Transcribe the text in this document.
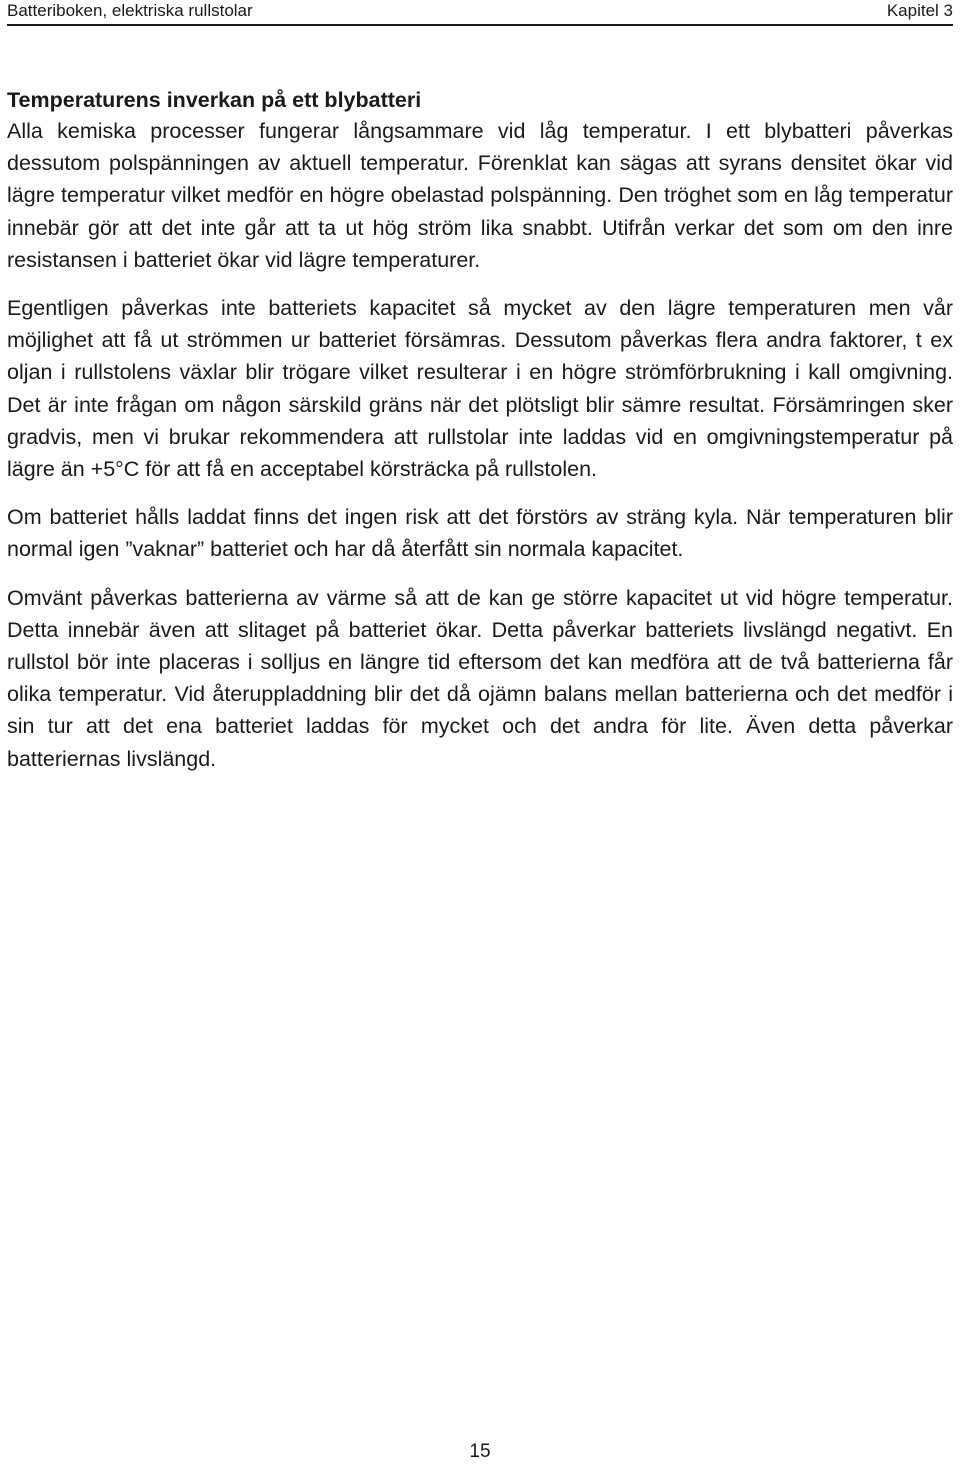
Batteriboken, elektriska rullstolar	Kapitel 3
Temperaturens inverkan på ett blybatteri

Alla kemiska processer fungerar långsammare vid låg temperatur. I ett blybatteri påverkas dessutom polspänningen av aktuell temperatur. Förenklat kan sägas att syrans densitet ökar vid lägre temperatur vilket medför en högre obelastad polspänning. Den tröghet som en låg temperatur innebär gör att det inte går att ta ut hög ström lika snabbt. Utifrån verkar det som om den inre resistansen i batteriet ökar vid lägre temperaturer.

Egentligen påverkas inte batteriets kapacitet så mycket av den lägre temperaturen men vår möjlighet att få ut strömmen ur batteriet försämras. Dessutom påverkas flera andra faktorer, t ex oljan i rullstolens växlar blir trögare vilket resulterar i en högre strömförbrukning i kall omgivning. Det är inte frågan om någon särskild gräns när det plötsligt blir sämre resultat. Försämringen sker gradvis, men vi brukar rekommendera att rullstolar inte laddas vid en omgivningstemperatur på lägre än +5°C för att få en acceptabel körsträcka på rullstolen.

Om batteriet hålls laddat finns det ingen risk att det förstörs av sträng kyla. När temperaturen blir normal igen ”vaknar” batteriet och har då återfått sin normala kapacitet.

Omvänt påverkas batterierna av värme så att de kan ge större kapacitet ut vid högre temperatur. Detta innebär även att slitaget på batteriet ökar. Detta påverkar batteriets livslängd negativt. En rullstol bör inte placeras i solljus en längre tid eftersom det kan medföra att de två batterierna får olika temperatur. Vid återuppladdning blir det då ojämn balans mellan batterierna och det medför i sin tur att det ena batteriet laddas för mycket och det andra för lite. Även detta påverkar batteriernas livslängd.

15
